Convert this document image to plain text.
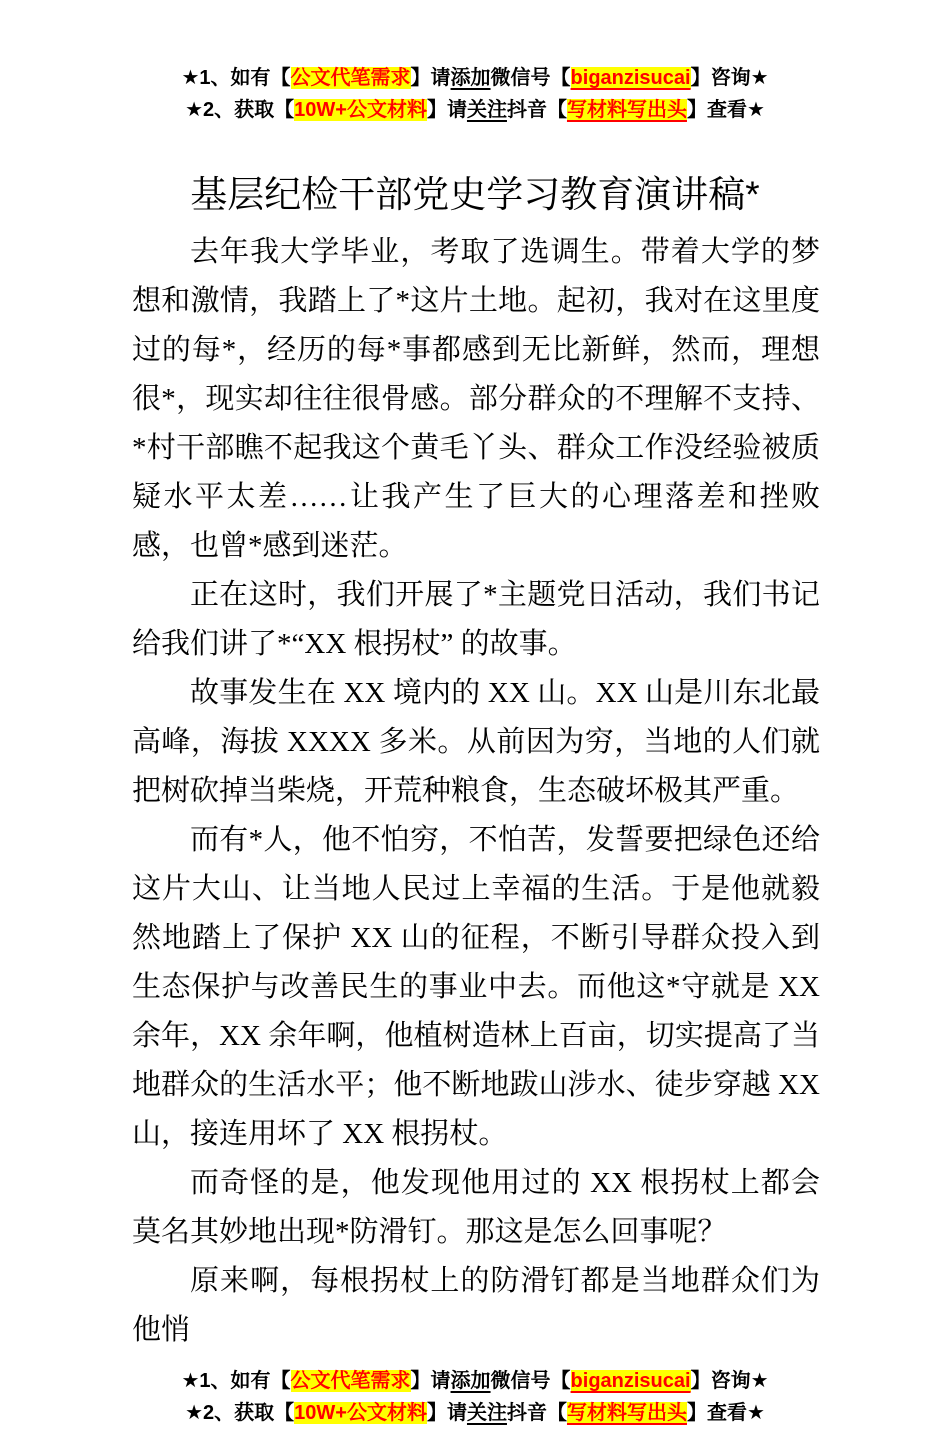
★1、如有【公文代笔需求】请添加微信号【biganzisucai】咨询★
★2、获取【10W+公文材料】请关注抖音【写材料写出头】查看★
基层纪检干部党史学习教育演讲稿*

去年我大学毕业，考取了选调生。带着大学的梦想和激情，我踏上了*这片土地。起初，我对在这里度过的每*，经历的每*事都感到无比新鲜，然而，理想很*，现实却往往很骨感。部分群众的不理解不支持、*村干部瞧不起我这个黄毛丫头、群众工作没经验被质疑水平太差……让我产生了巨大的心理落差和挫败感，也曾*感到迷茫。

正在这时，我们开展了*主题党日活动，我们书记给我们讲了*“XX 根拐杖” 的故事。

故事发生在 XX 境内的 XX 山。XX 山是川东北最高峰，海拔 XXXX 多米。从前因为穷，当地的人们就把树砍掉当柴烧，开荒种粮食，生态破坏极其严重。

而有*人，他不怕穷，不怕苦，发誓要把绿色还给这片大山、让当地人民过上幸福的生活。于是他就毅然地踏上了保护 XX 山的征程，不断引导群众投入到生态保护与改善民生的事业中去。而他这*守就是 XX 余年，XX 余年啊，他植树造林上百亩，切实提高了当地群众的生活水平；他不断地跋山涉水、徒步穿越 XX 山，接连用坏了 XX 根拐杖。

而奇怪的是，他发现他用过的 XX 根拐杖上都会莫名其妙地出现*防滑钉。那这是怎么回事呢？

原来啊，每根拐杖上的防滑钉都是当地群众们为他悄

★1、如有【公文代笔需求】请添加微信号【biganzisucai】咨询★
★2、获取【10W+公文材料】请关注抖音【写材料写出头】查看★
